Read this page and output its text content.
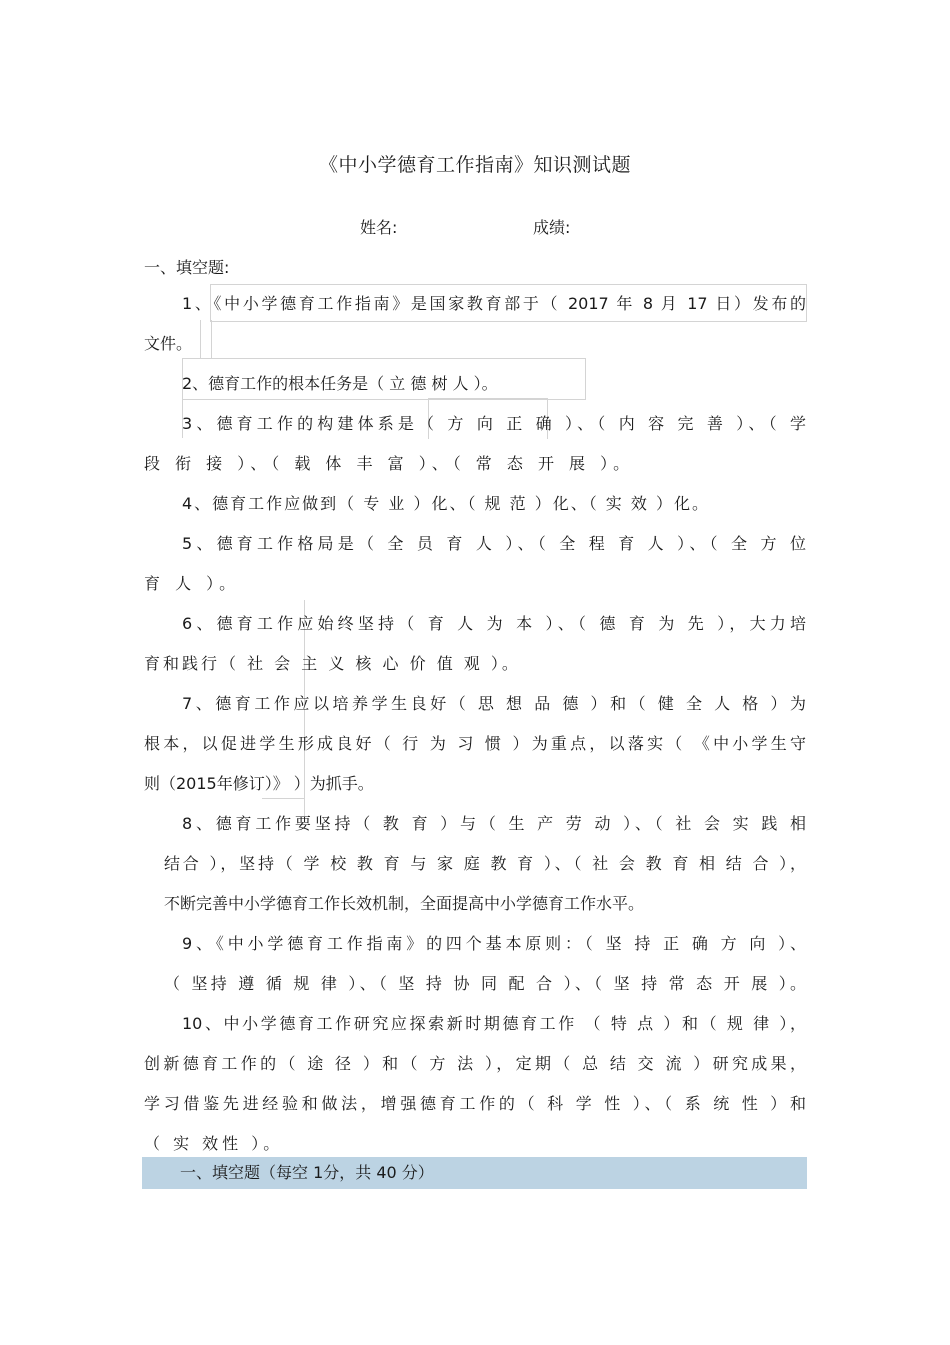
《中小学德育工作指南》知识测试题
姓名:	成绩:
一、填空题:
1、《中小学德育工作指南》是国家教育部于（ 2017 年 8 月 17 日）发布的
文件。
2、德育工作的根本任务是（ 立 德 树 人 ）。
3、德育工作的构建体系是（ 方 向 正 确 ）、（ 内 容 完 善 ）、（ 学
段 衔 接 ）、（ 载 体 丰 富 ）、（ 常 态 开 展 ）。
4、德育工作应做到（ 专 业 ）化、（ 规 范 ）化、（ 实 效 ）化。
5、德育工作格局是（ 全 员 育 人 ）、（ 全 程 育 人 ）、（ 全 方 位
育 人 ）。
6、德育工作应始终坚持（ 育 人 为 本 ）、（ 德 育 为 先 ），大力培
育和践行（ 社 会 主 义 核 心 价 值 观 ）。
7、德育工作应以培养学生良好（ 思 想 品 德 ）和（ 健 全 人 格 ）为
根本，以促进学生形成良好（ 行 为 习 惯 ）为重点，以落实（ 《中小学生守
则（2015年修订）》 ）为抓手。
8、德育工作要坚持（ 教 育 ）与（ 生 产 劳 动 ）、（ 社 会 实 践 相
结合 ），坚持（ 学 校 教 育 与 家 庭 教 育 ）、（ 社 会 教 育 相 结 合 ），
不断完善中小学德育工作长效机制，全面提高中小学德育工作水平。
9、《中小学德育工作指南》的四个基本原则：（ 坚 持 正 确 方 向 ）、
（ 坚持 遵 循 规 律 ）、（ 坚 持 协 同 配 合 ）、（ 坚 持 常 态 开 展 ）。
10、中小学德育工作研究应探索新时期德育工作 （ 特 点 ）和（ 规 律 ），
创新德育工作的（ 途 径 ）和（ 方 法 ），定期（ 总 结 交 流 ）研究成果，
学习借鉴先进经验和做法，增强德育工作的（ 科 学 性 ）、（ 系 统 性 ）和
（ 实 效性 ）。
一、填空题（每空 1分，共 40 分）
